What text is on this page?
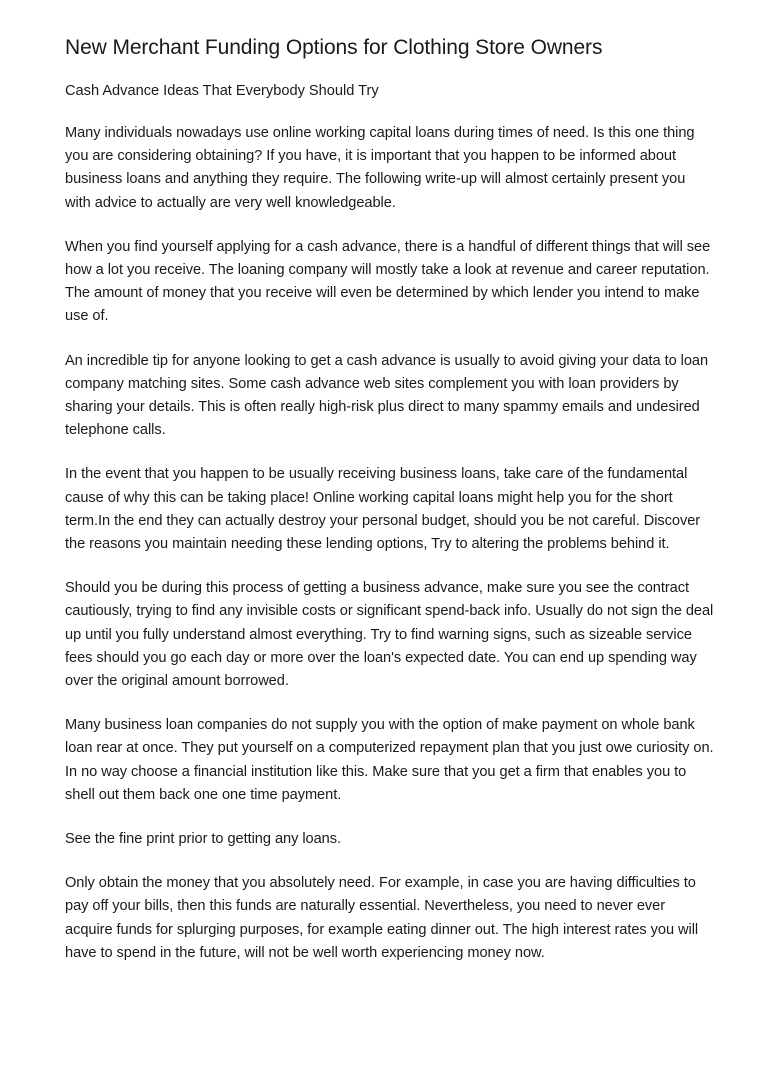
New Merchant Funding Options for Clothing Store Owners
Cash Advance Ideas That Everybody Should Try

Many individuals nowadays use online working capital loans during times of need. Is this one thing you are considering obtaining? If you have, it is important that you happen to be informed about business loans and anything they require. The following write-up will almost certainly present you with advice to actually are very well knowledgeable.

When you find yourself applying for a cash advance, there is a handful of different things that will see how a lot you receive. The loaning company will mostly take a look at revenue and career reputation. The amount of money that you receive will even be determined by which lender you intend to make use of.

An incredible tip for anyone looking to get a cash advance is usually to avoid giving your data to loan company matching sites. Some cash advance web sites complement you with loan providers by sharing your details. This is often really high-risk plus direct to many spammy emails and undesired telephone calls.

In the event that you happen to be usually receiving business loans, take care of the fundamental cause of why this can be taking place! Online working capital loans might help you for the short term.In the end they can actually destroy your personal budget, should you be not careful. Discover the reasons you maintain needing these lending options, Try to altering the problems behind it.

Should you be during this process of getting a business advance, make sure you see the contract cautiously, trying to find any invisible costs or significant spend-back info. Usually do not sign the deal up until you fully understand almost everything. Try to find warning signs, such as sizeable service fees should you go each day or more over the loan's expected date. You can end up spending way over the original amount borrowed.

Many business loan companies do not supply you with the option of make payment on whole bank loan rear at once. They put yourself on a computerized repayment plan that you just owe curiosity on. In no way choose a financial institution like this. Make sure that you get a firm that enables you to shell out them back one one time payment.

See the fine print prior to getting any loans.

Only obtain the money that you absolutely need. For example, in case you are having difficulties to pay off your bills, then this funds are naturally essential. Nevertheless, you need to never ever acquire funds for splurging purposes, for example eating dinner out. The high interest rates you will have to spend in the future, will not be well worth experiencing money now.
